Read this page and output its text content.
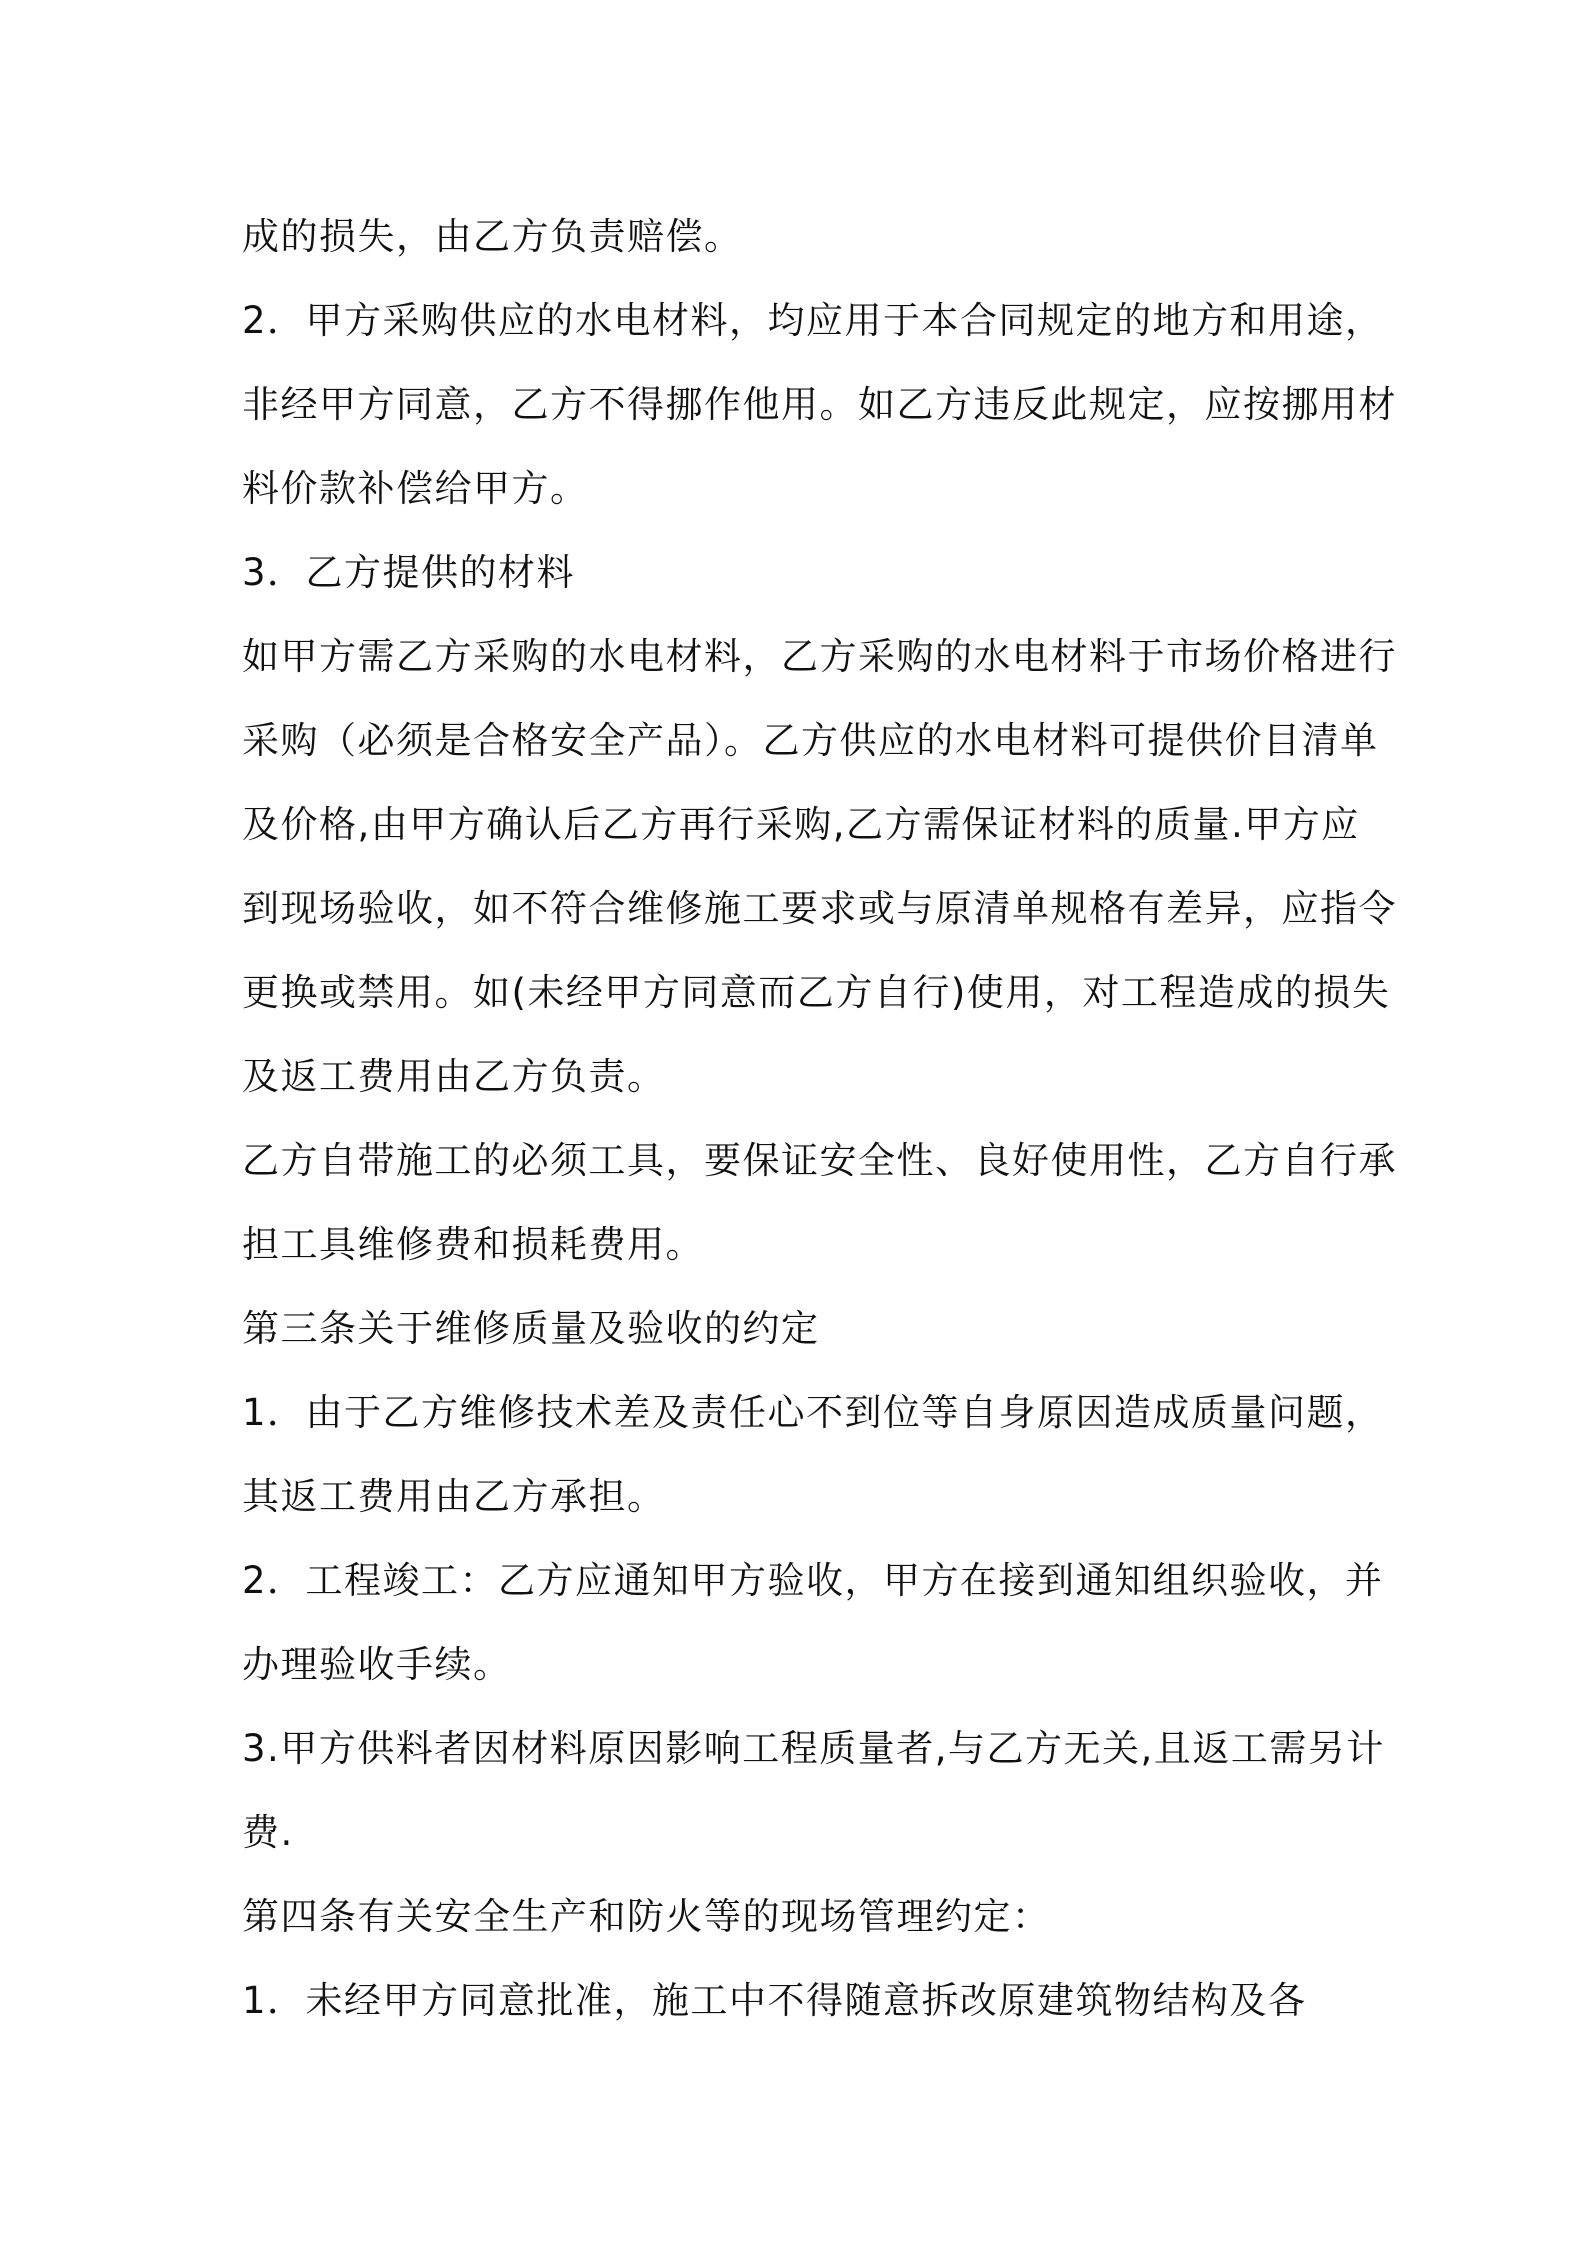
成的损失，由乙方负责赔偿。
2．甲方采购供应的水电材料，均应用于本合同规定的地方和用途，
非经甲方同意，乙方不得挪作他用。如乙方违反此规定，应按挪用材
料价款补偿给甲方。
3．乙方提供的材料
如甲方需乙方采购的水电材料，乙方采购的水电材料于市场价格进行
采购（必须是合格安全产品）。乙方供应的水电材料可提供价目清单
及价格,由甲方确认后乙方再行采购,乙方需保证材料的质量.甲方应
到现场验收，如不符合维修施工要求或与原清单规格有差异，应指令
更换或禁用。如(未经甲方同意而乙方自行)使用，对工程造成的损失
及返工费用由乙方负责。
乙方自带施工的必须工具，要保证安全性、良好使用性，乙方自行承
担工具维修费和损耗费用。
第三条关于维修质量及验收的约定
1．由于乙方维修技术差及责任心不到位等自身原因造成质量问题，
其返工费用由乙方承担。
2．工程竣工：乙方应通知甲方验收，甲方在接到通知组织验收，并
办理验收手续。
3.甲方供料者因材料原因影响工程质量者,与乙方无关,且返工需另计
费.
第四条有关安全生产和防火等的现场管理约定：
1．未经甲方同意批准，施工中不得随意拆改原建筑物结构及各
